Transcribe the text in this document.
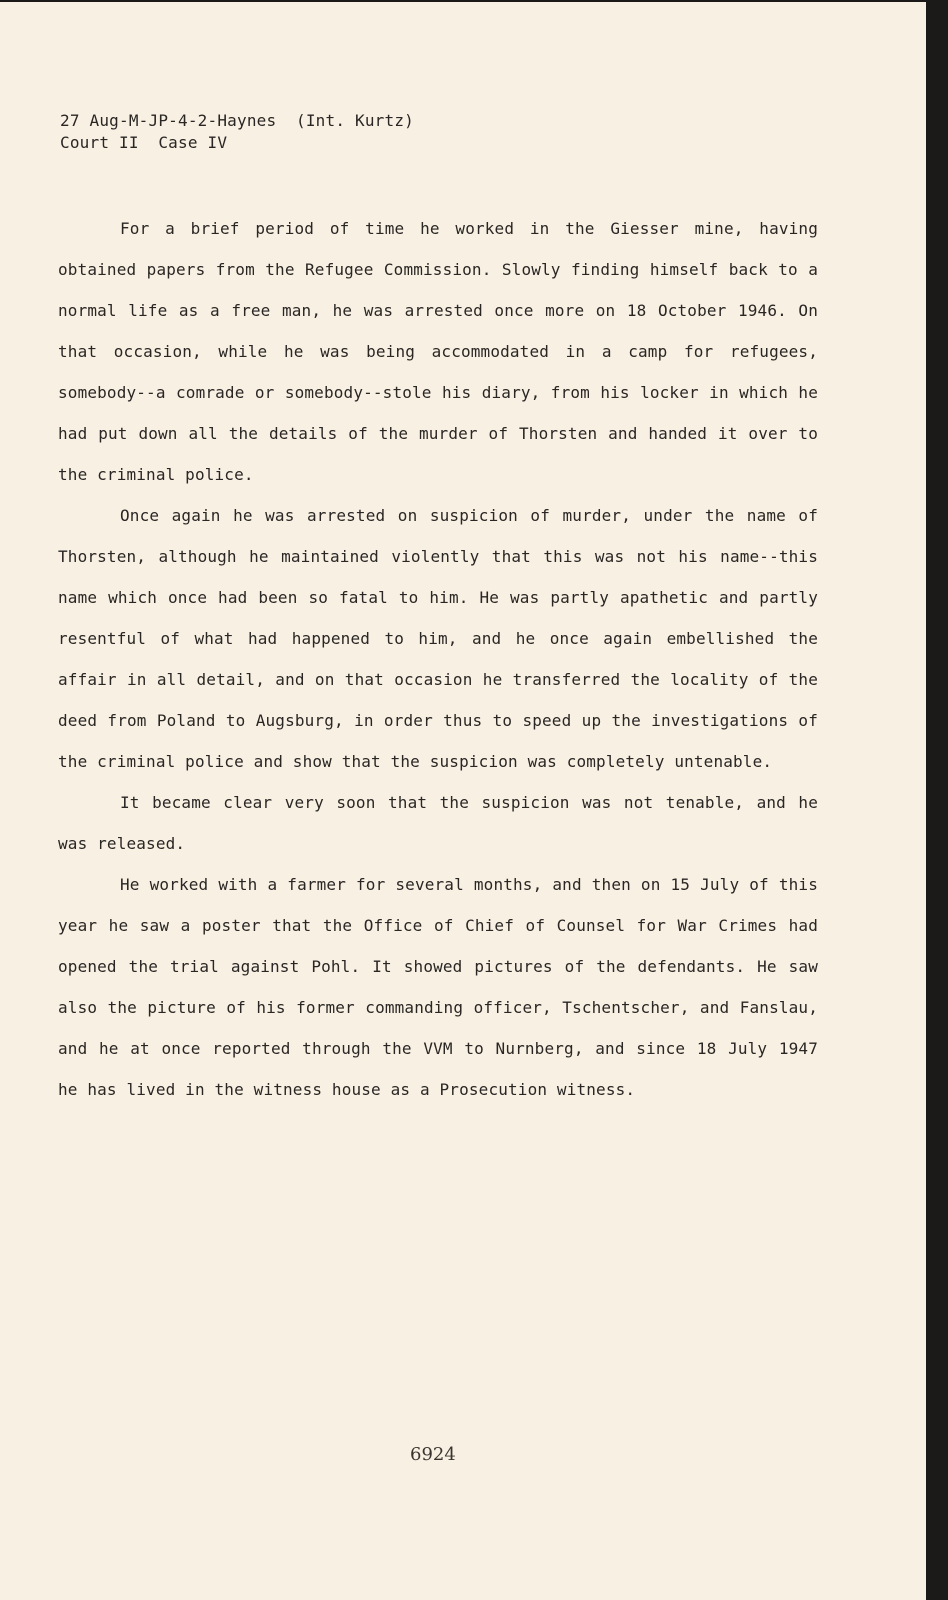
27 Aug-M-JP-4-2-Haynes  (Int. Kurtz)
Court II  Case IV

For a brief period of time he worked in the Giesser mine, having obtained papers from the Refugee Commission. Slowly finding himself back to a normal life as a free man, he was arrested once more on 18 October 1946. On that occasion, while he was being accommodated in a camp for refugees, somebody--a comrade or somebody--stole his diary, from his locker in which he had put down all the details of the murder of Thorsten and handed it over to the criminal police.

Once again he was arrested on suspicion of murder, under the name of Thorsten, although he maintained violently that this was not his name--this name which once had been so fatal to him. He was partly apathetic and partly resentful of what had happened to him, and he once again embellished the affair in all detail, and on that occasion he transferred the locality of the deed from Poland to Augsburg, in order thus to speed up the investigations of the criminal police and show that the suspicion was completely untenable.

It became clear very soon that the suspicion was not tenable, and he was released.

He worked with a farmer for several months, and then on 15 July of this year he saw a poster that the Office of Chief of Counsel for War Crimes had opened the trial against Pohl. It showed pictures of the defendants. He saw also the picture of his former commanding officer, Tschentscher, and Fanslau, and he at once reported through the VVM to Nurnberg, and since 18 July 1947 he has lived in the witness house as a Prosecution witness.

6924
